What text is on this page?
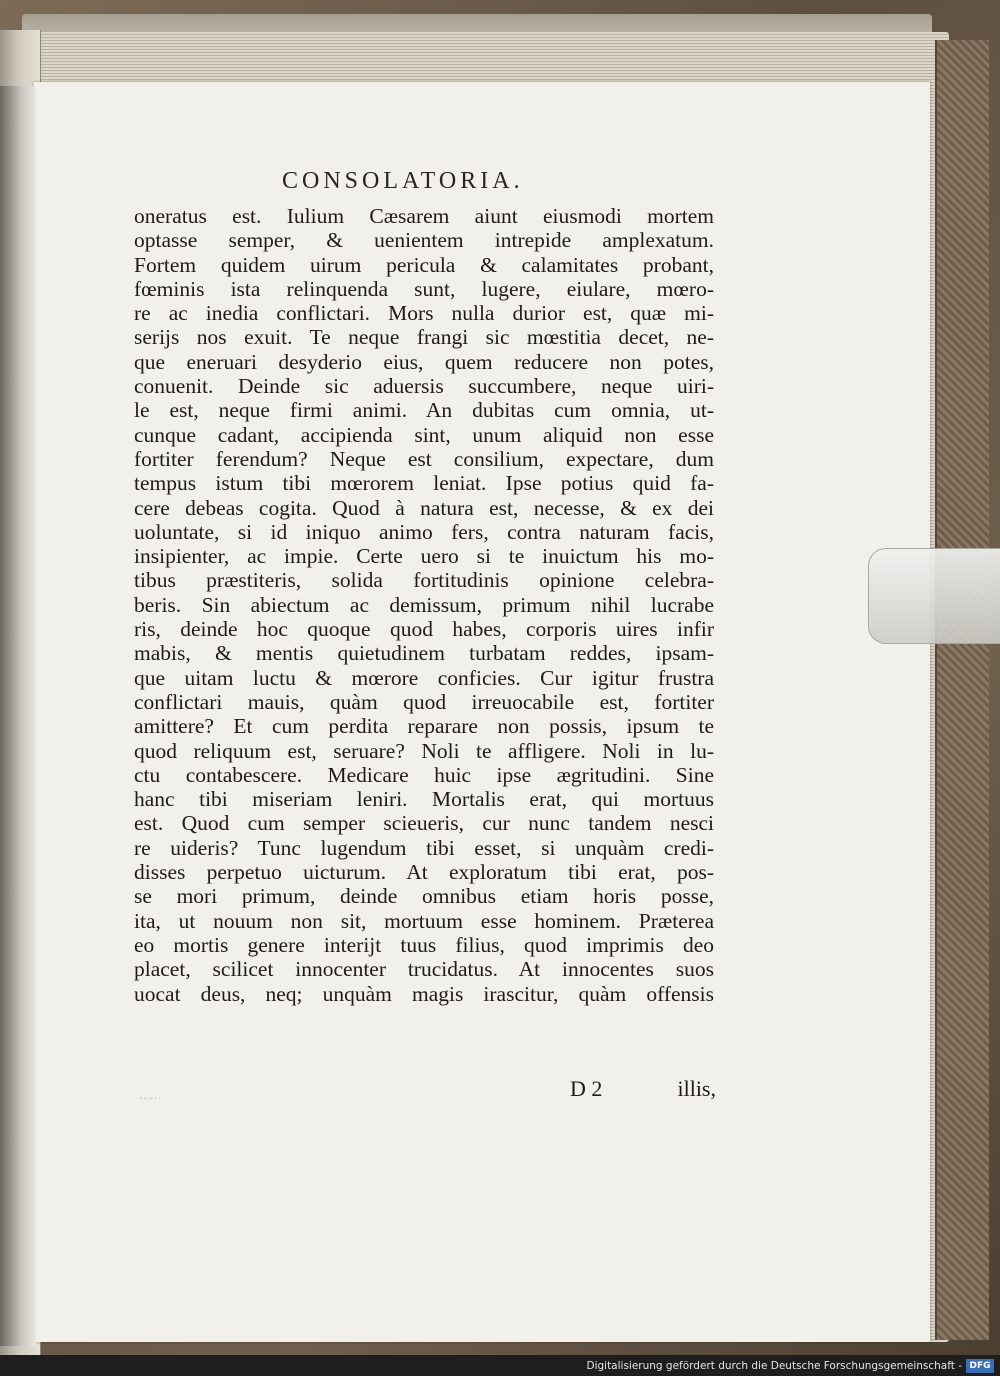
CONSOLATORIA.
oneratus est. Iulium Cæsarem aiunt eiusmodi mortem
optasse semper, & uenientem intrepide amplexatum.
Fortem quidem uirum pericula & calamitates probant,
fœminis ista relinquenda sunt, lugere, eiulare, mœro-
re ac inedia conflictari. Mors nulla durior est, quæ mi-
serijs nos exuit. Te neque frangi sic mœstitia decet, ne-
que eneruari desyderio eius, quem reducere non potes,
conuenit. Deinde sic aduersis succumbere, neque uiri-
le est, neque firmi animi. An dubitas cum omnia, ut-
cunque cadant, accipienda sint, unum aliquid non esse
fortiter ferendum? Neque est consilium, expectare, dum
tempus istum tibi mœrorem leniat. Ipse potius quid fa-
cere debeas cogita. Quod à natura est, necesse, & ex dei
uoluntate, si id iniquo animo fers, contra naturam facis,
insipienter, ac impie. Certe uero si te inuictum his mo-
tibus præstiteris, solida fortitudinis opinione celebra-
beris. Sin abiectum ac demissum, primum nihil lucrabe
ris, deinde hoc quoque quod habes, corporis uires infir
mabis, & mentis quietudinem turbatam reddes, ipsam-
que uitam luctu & mœrore conficies. Cur igitur frustra
conflictari mauis, quàm quod irreuocabile est, fortiter
amittere? Et cum perdita reparare non possis, ipsum te
quod reliquum est, seruare? Noli te affligere. Noli in lu-
ctu contabescere. Medicare huic ipse ægritudini. Sine
hanc tibi miseriam leniri. Mortalis erat, qui mortuus
est. Quod cum semper scieueris, cur nunc tandem nesci
re uideris? Tunc lugendum tibi esset, si unquàm credi-
disses perpetuo uicturum. At exploratum tibi erat, pos-
se mori primum, deinde omnibus etiam horis posse,
ita, ut nouum non sit, mortuum esse hominem. Præterea
eo mortis genere interijt tuus filius, quod imprimis deo
placet, scilicet innocenter trucidatus. At innocentes suos
uocat deus, neq; unquàm magis irascitur, quàm offensis
……	D 2	illis,
Digitalisierung gefördert durch die Deutsche Forschungsgemeinschaft - DFG
